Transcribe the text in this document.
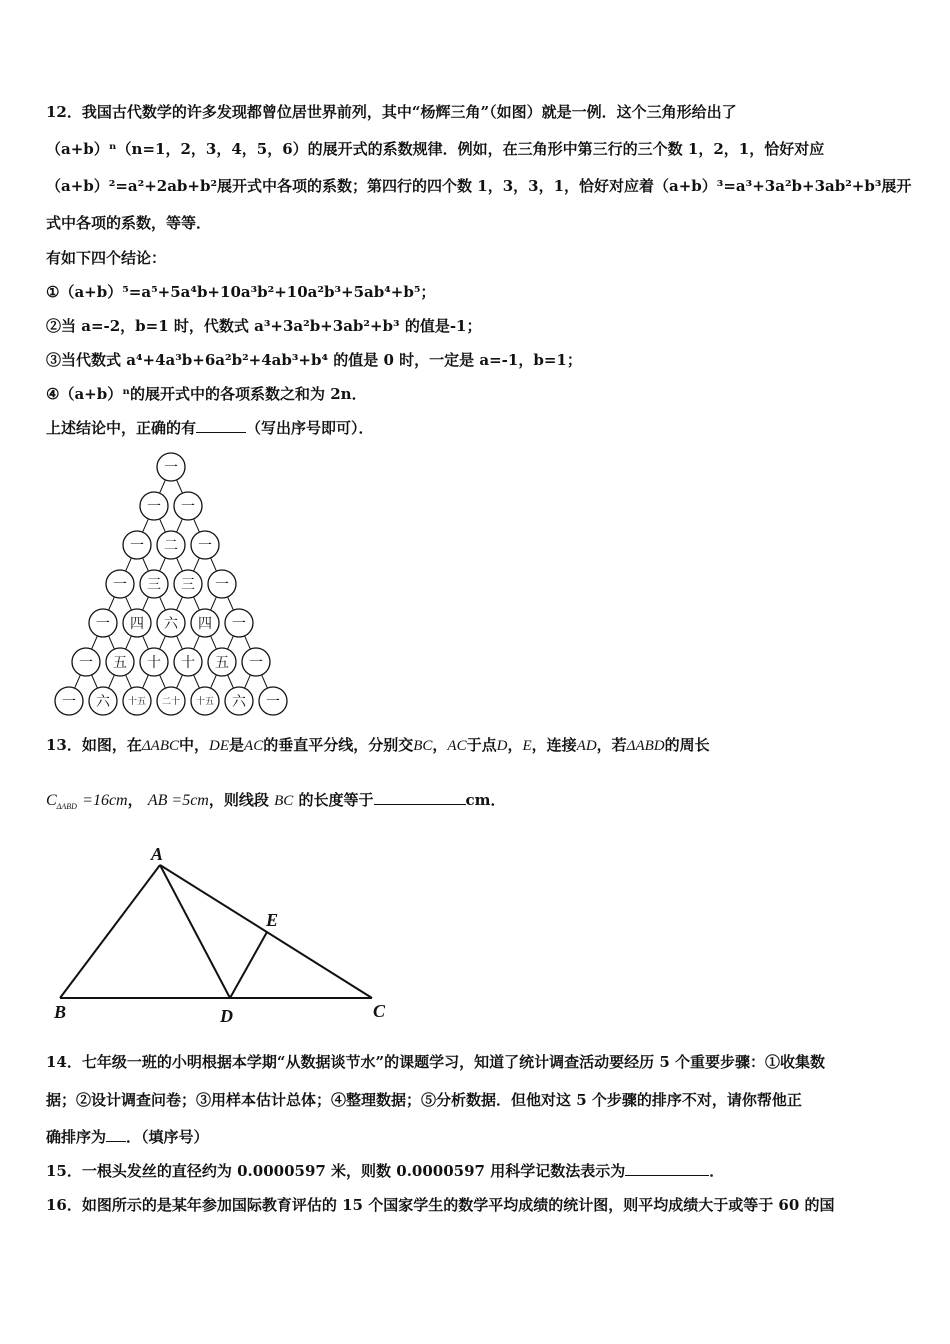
12．我国古代数学的许多发现都曾位居世界前列，其中“杨辉三角”（如图）就是一例．这个三角形给出了
（a+b）ⁿ（n=1，2，3，4，5，6）的展开式的系数规律．例如，在三角形中第三行的三个数 1，2，1，恰好对应
（a+b）²=a²+2ab+b²展开式中各项的系数；第四行的四个数 1，3，3，1，恰好对应着（a+b）³=a³+3a²b+3ab²+b³展开
式中各项的系数，等等．
有如下四个结论：
①（a+b）⁵=a⁵+5a⁴b+10a³b²+10a²b³+5ab⁴+b⁵；
②当 a=-2，b=1 时，代数式 a³+3a²b+3ab²+b³ 的值是-1；
③当代数式 a⁴+4a³b+6a²b²+4ab³+b⁴ 的值是 0 时，一定是 a=-1，b=1；
④（a+b）ⁿ的展开式中的各项系数之和为 2n．
上述结论中，正确的有	（写出序号即可）．
一
一 一
一 二 一
一 三 三 一
一 四 六 四 一
一 五 十 十 五 一
一 六 十五 二十 十五 六 一
13．如图，在ΔABC中，DE是AC的垂直平分线，分别交BC，AC于点D，E，连接AD，若ΔABD的周长
$C_{\Delta ABD} =16cm$， AB =5cm，则线段 BC 的长度等于	cm．
A
B	C
D
E
14．七年级一班的小明根据本学期“从数据谈节水”的课题学习，知道了统计调查活动要经历 5 个重要步骤：①收集数
据；②设计调查问卷；③用样本估计总体；④整理数据；⑤分析数据．但他对这 5 个步骤的排序不对，请你帮他正
确排序为 ．（填序号）
15．一根头发丝的直径约为 0.0000597 米，则数 0.0000597 用科学记数法表示为	．
16．如图所示的是某年参加国际教育评估的 15 个国家学生的数学平均成绩的统计图，则平均成绩大于或等于 60 的国
